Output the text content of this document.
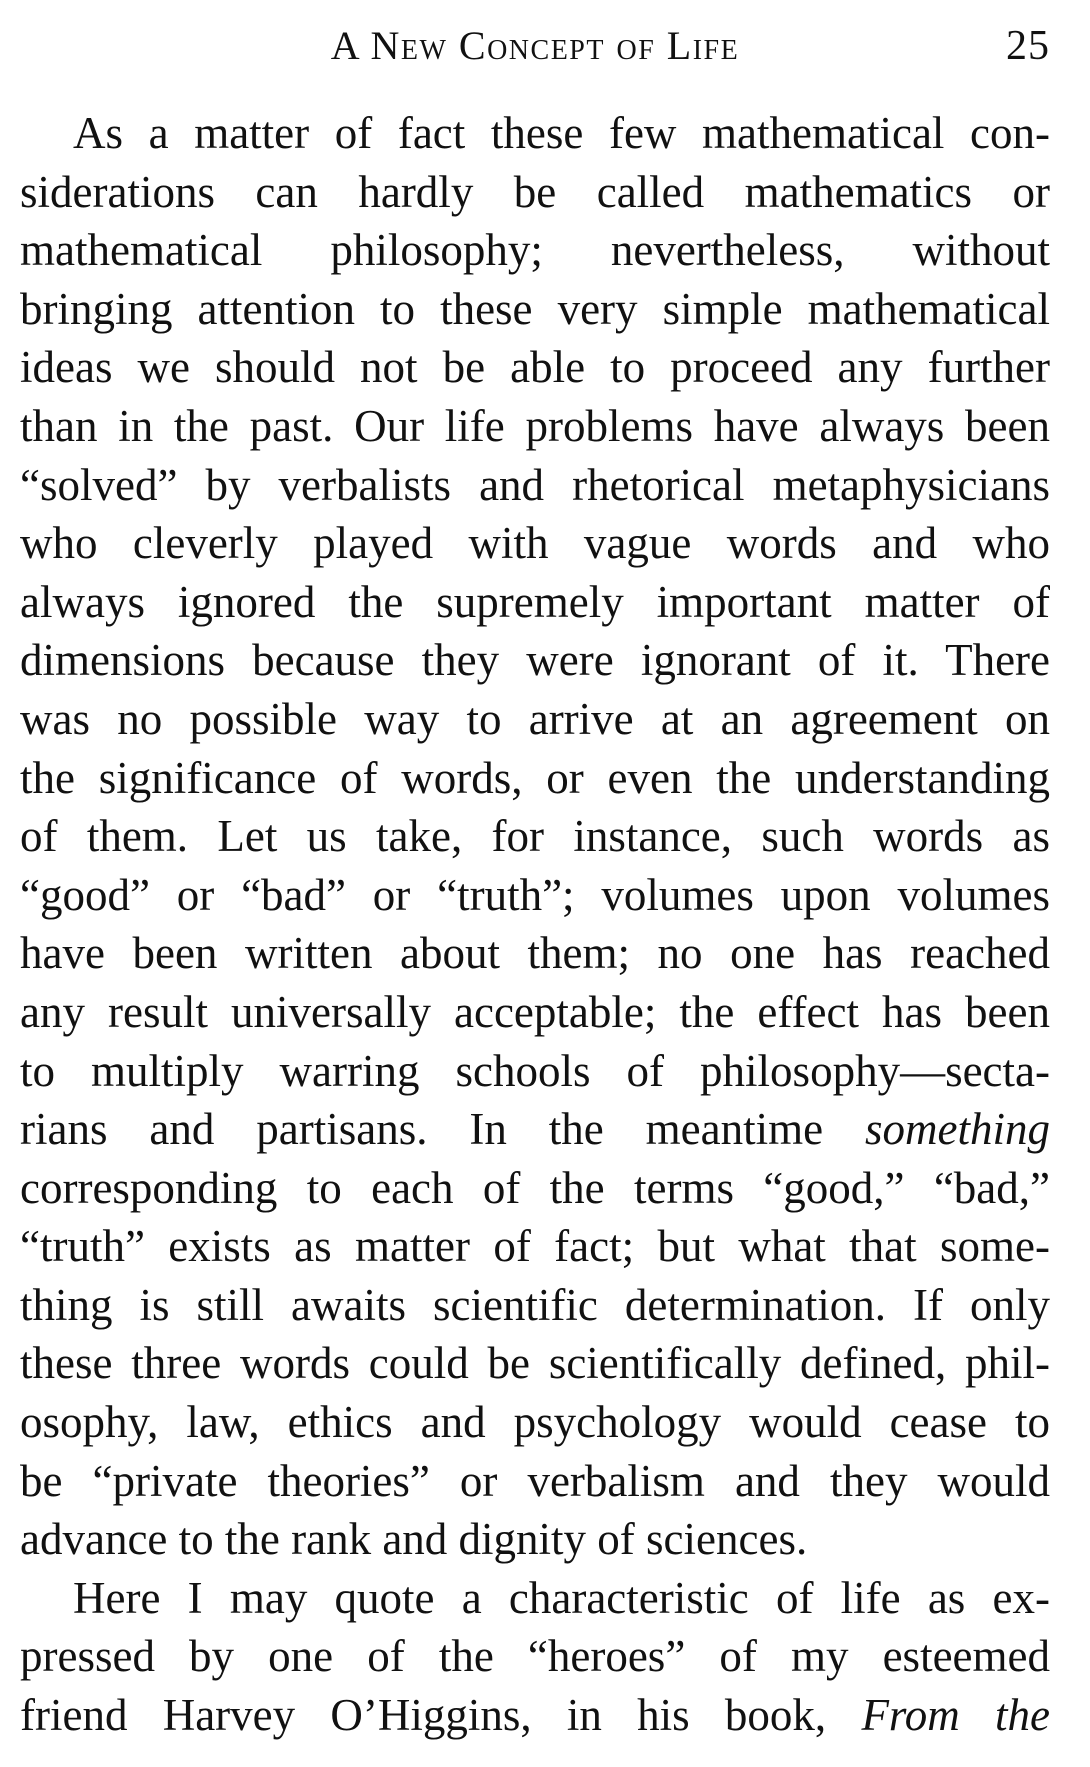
A New Concept of Life	25

As a matter of fact these few mathematical con-
siderations can hardly be called mathematics or
mathematical philosophy; nevertheless, without
bringing attention to these very simple mathematical
ideas we should not be able to proceed any further
than in the past. Our life problems have always been
“solved” by verbalists and rhetorical metaphysicians
who cleverly played with vague words and who
always ignored the supremely important matter of
dimensions because they were ignorant of it. There
was no possible way to arrive at an agreement on
the significance of words, or even the understanding
of them. Let us take, for instance, such words as
“good” or “bad” or “truth”; volumes upon volumes
have been written about them; no one has reached
any result universally acceptable; the effect has been
to multiply warring schools of philosophy—secta-
rians and partisans. In the meantime something
corresponding to each of the terms “good,” “bad,”
“truth” exists as matter of fact; but what that some-
thing is still awaits scientific determination. If only
these three words could be scientifically defined, phil-
osophy, law, ethics and psychology would cease to
be “private theories” or verbalism and they would
advance to the rank and dignity of sciences.

Here I may quote a characteristic of life as ex-
pressed by one of the “heroes” of my esteemed
friend Harvey O’Higgins, in his book, From the
